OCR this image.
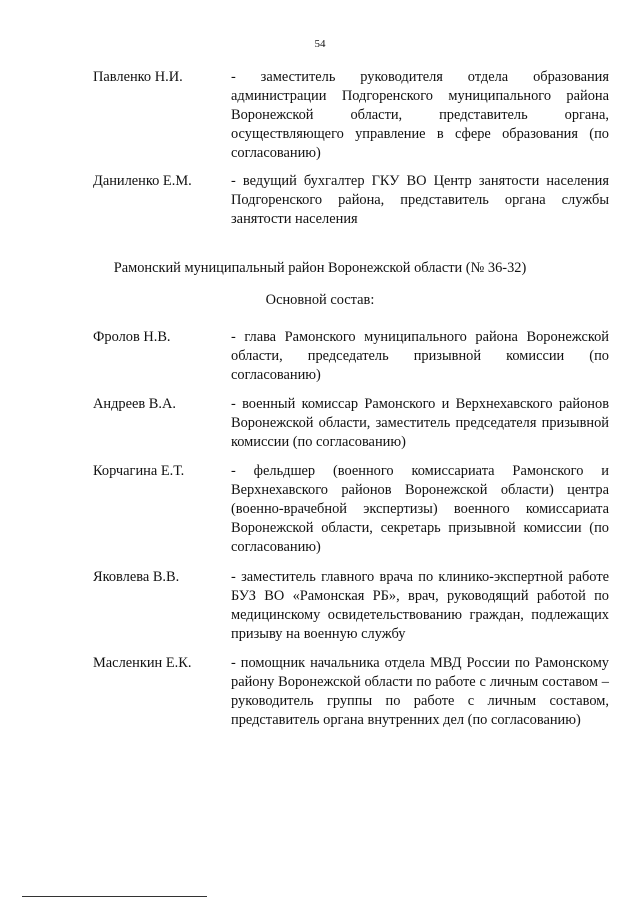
54
Павленко Н.И.	- заместитель руководителя отдела образования администрации Подгоренского муниципального района Воронежской области, представитель органа, осуществляющего управление в сфере образования (по согласованию)
Даниленко Е.М.	- ведущий бухгалтер ГКУ ВО Центр занятости населения Подгоренского района, представитель органа службы занятости населения
Рамонский муниципальный район Воронежской области (№ 36-32)
Основной состав:
Фролов Н.В.	- глава Рамонского муниципального района Воронежской области, председатель призывной комиссии (по согласованию)
Андреев В.А.	- военный комиссар Рамонского и Верхнехавского районов Воронежской области, заместитель председателя призывной комиссии (по согласованию)
Корчагина Е.Т.	- фельдшер (военного комиссариата Рамонского и Верхнехавского районов Воронежской области) центра (военно-врачебной экспертизы) военного комиссариата Воронежской области, секретарь призывной комиссии (по согласованию)
Яковлева В.В.	- заместитель главного врача по клинико-экспертной работе БУЗ ВО «Рамонская РБ», врач, руководящий работой по медицинскому освидетельствованию граждан, подлежащих призыву на военную службу
Масленкин Е.К.	- помощник начальника отдела МВД России по Рамонскому району Воронежской области по работе с личным составом – руководитель группы по работе с личным составом, представитель органа внутренних дел (по согласованию)
